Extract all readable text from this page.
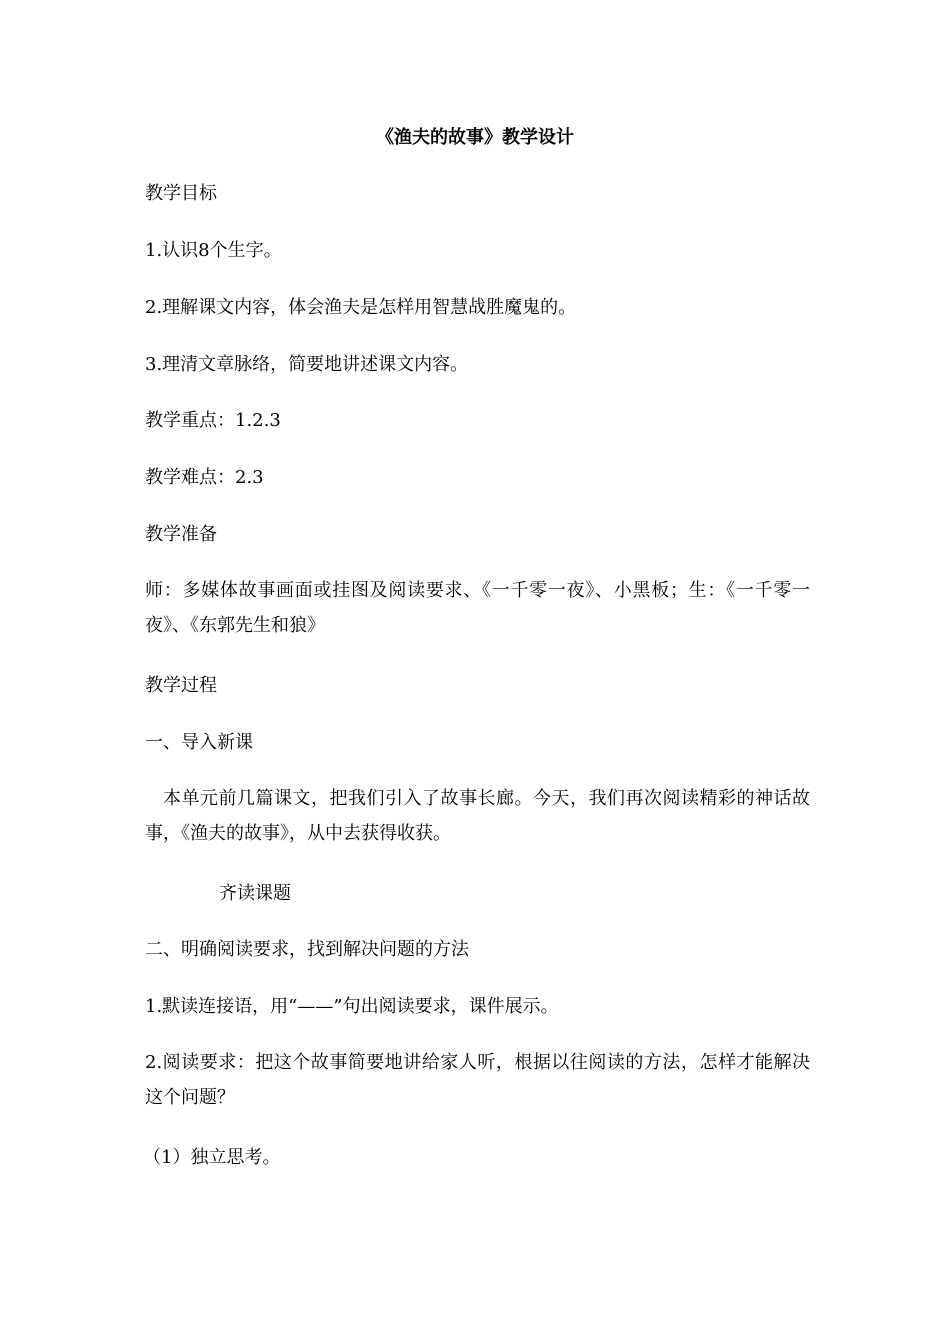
《渔夫的故事》教学设计
教学目标
1.认识8个生字。
2.理解课文内容，体会渔夫是怎样用智慧战胜魔鬼的。
3.理清文章脉络，简要地讲述课文内容。
教学重点：1.2.3
教学难点：2.3
教学准备
师：多媒体故事画面或挂图及阅读要求、《一千零一夜》、小黑板；生：《一千零一夜》、《东郭先生和狼》
教学过程
一、导入新课
本单元前几篇课文，把我们引入了故事长廊。今天，我们再次阅读精彩的神话故事，《渔夫的故事》，从中去获得收获。
齐读课题
二、明确阅读要求，找到解决问题的方法
1.默读连接语，用“——”句出阅读要求，课件展示。
2.阅读要求：把这个故事简要地讲给家人听，根据以往阅读的方法，怎样才能解决这个问题？
（1）独立思考。
